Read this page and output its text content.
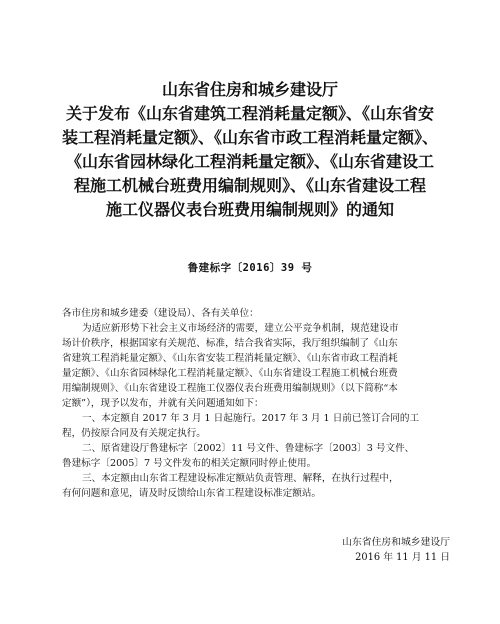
山东省住房和城乡建设厅
关于发布《山东省建筑工程消耗量定额》、《山东省安
装工程消耗量定额》、《山东省市政工程消耗量定额》、
《山东省园林绿化工程消耗量定额》、《山东省建设工
程施工机械台班费用编制规则》、《山东省建设工程
施工仪器仪表台班费用编制规则》的通知
鲁建标字〔2016〕39 号
各市住房和城乡建委（建设局）、各有关单位：
为适应新形势下社会主义市场经济的需要，建立公平竞争机制，规范建设市
场计价秩序，根据国家有关规范、标准，结合我省实际，我厅组织编制了《山东
省建筑工程消耗量定额》、《山东省安装工程消耗量定额》、《山东省市政工程消耗
量定额》、《山东省园林绿化工程消耗量定额》、《山东省建设工程施工机械台班费
用编制规则》、《山东省建设工程施工仪器仪表台班费用编制规则》（以下简称“本
定额”），现予以发布，并就有关问题通知如下：
一、本定额自 2017 年 3 月 1 日起施行。2017 年 3 月 1 日前已签订合同的工
程，仍按原合同及有关规定执行。
二、原省建设厅鲁建标字〔2002〕11 号文件、鲁建标字〔2003〕3 号文件、
鲁建标字〔2005〕7 号文件发布的相关定额同时停止使用。
三、本定额由山东省工程建设标准定额站负责管理、解释，在执行过程中，
有何问题和意见，请及时反馈给山东省工程建设标准定额站。
山东省住房和城乡建设厅
2016 年 11 月 11 日
